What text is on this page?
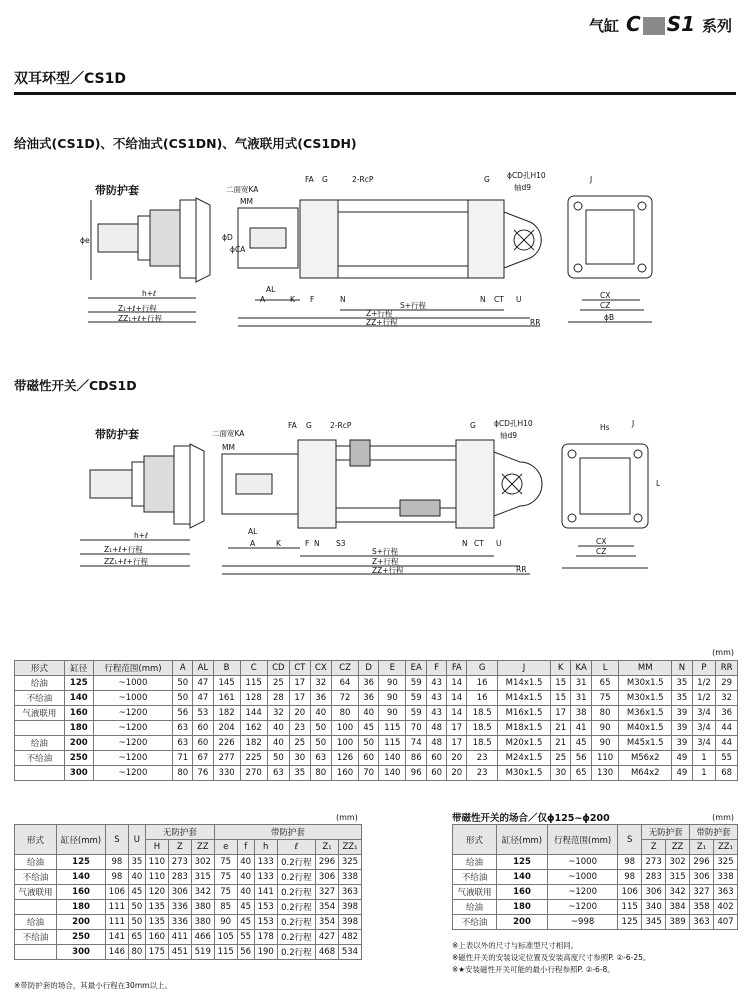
气缸 C S1 系列
双耳环型／CS1D
给油式(CS1D)、不给油式(CS1DN)、气液联用式(CS1DH)
带防护套	二面宽KA
MM
FA G	2-RcP	G ϕCD孔H10
轴d9
J
AL
A	K F	N	N CT U
S+行程
Z+行程
ZZ+行程	RR
h+ℓ
Z₁+ℓ+行程
ZZ₁+ℓ+行程
CX
CZ
ϕB
ϕe	ϕD
ϕCA
带磁性开关／CDS1D
带防护套	二面宽KA
MM
FA G 2-RcP	G ϕCD孔H10
轴d9
J
Hs
L
AL
A	K	F N S3	N CT U
S+行程
Z+行程
ZZ+行程	RR
h+ℓ
Z₁+ℓ+行程
ZZ₁+ℓ+行程
CX
CZ
(mm)
形式	缸径	行程范围(mm)	A	AL	B	C	CD	CT	CX	CZ	D	E	EA	F	FA	G	J	K	KA	L	MM	N	P	RR
给油	125	~1000	50	47	145	115	25	17	32	64	36	90	59	43	14	16	M14x1.5	15	31	65	M30x1.5	35	1/2	29
不给油	140	~1000	50	47	161	128	28	17	36	72	36	90	59	43	14	16	M14x1.5	15	31	75	M30x1.5	35	1/2	32
气液联用	160	~1200	56	53	182	144	32	20	40	80	40	90	59	43	14	18.5	M16x1.5	17	38	80	M36x1.5	39	3/4	36
	180	~1200	63	60	204	162	40	23	50	100	45	115	70	48	17	18.5	M18x1.5	21	41	90	M40x1.5	39	3/4	44
给油	200	~1200	63	60	226	182	40	25	50	100	50	115	74	48	17	18.5	M20x1.5	21	45	90	M45x1.5	39	3/4	44
不给油	250	~1200	71	67	277	225	50	30	63	126	60	140	86	60	20	23	M24x1.5	25	56	110	M56x2	49	1	55
	300	~1200	80	76	330	270	63	35	80	160	70	140	96	60	20	23	M30x1.5	30	65	130	M64x2	49	1	68
(mm)
形式	缸径(mm)	S	U	无防护套			带防护套					
				H	Z	ZZ	e	f	h	ℓ	Z₁	ZZ₁
给油	125	98	35	110	273	302	75	40	133	0.2行程	296	325
不给油	140	98	40	110	283	315	75	40	133	0.2行程	306	338
气液联用	160	106	45	120	306	342	75	40	141	0.2行程	327	363
	180	111	50	135	336	380	85	45	153	0.2行程	354	398
给油	200	111	50	135	336	380	90	45	153	0.2行程	354	398
不给油	250	141	65	160	411	466	105	55	178	0.2行程	427	482
	300	146	80	175	451	519	115	56	190	0.2行程	468	534
※带防护套的场合，其最小行程在30mm以上。
带磁性开关的场合／仅ϕ125~ϕ200	(mm)
形式	缸径(mm)	行程范围(mm)	S	无防护套		带防护套	
				Z	ZZ	Z₁	ZZ₁
给油	125	~1000	98	273	302	296	325
不给油	140	~1000	98	283	315	306	338
气液联用	160	~1200	106	306	342	327	363
给油	180	~1200	115	340	384	358	402
不给油	200	~998	125	345	389	363	407
※上表以外的尺寸与标准型尺寸相同。
※磁性开关的安装设定位置及安装高度尺寸参照P. ②-6-25。
※★安装磁性开关可能的最小行程参照P. ②-6-8。
